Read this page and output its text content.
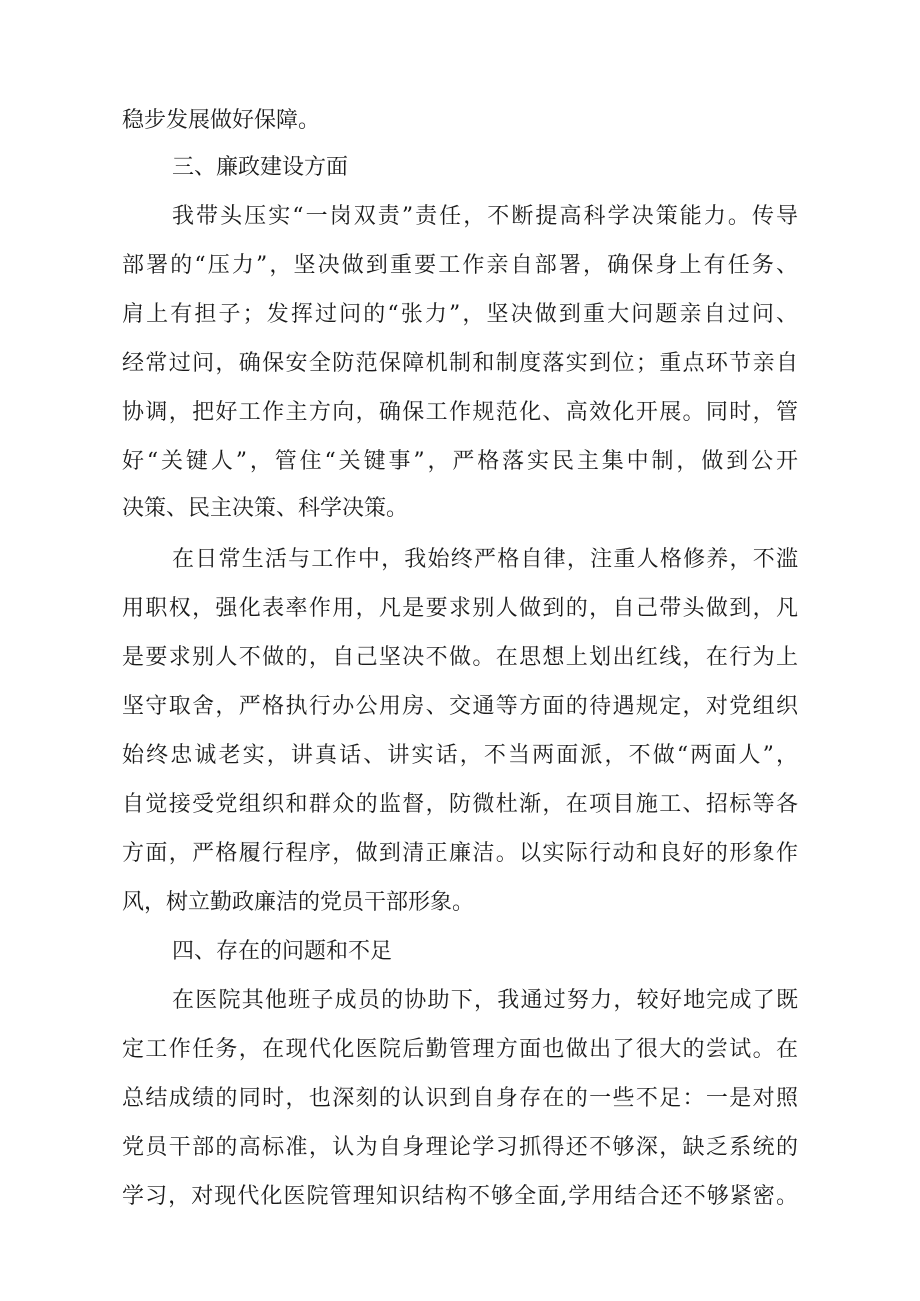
稳步发展做好保障。
三、廉政建设方面
我带头压实“一岗双责”责任，不断提高科学决策能力。传导
部署的“压力”，坚决做到重要工作亲自部署，确保身上有任务、
肩上有担子；发挥过问的“张力”，坚决做到重大问题亲自过问、
经常过问，确保安全防范保障机制和制度落实到位；重点环节亲自
协调，把好工作主方向，确保工作规范化、高效化开展。同时，管
好“关键人”，管住“关键事”，严格落实民主集中制，做到公开
决策、民主决策、科学决策。
在日常生活与工作中，我始终严格自律，注重人格修养，不滥
用职权，强化表率作用，凡是要求别人做到的，自己带头做到，凡
是要求别人不做的，自己坚决不做。在思想上划出红线，在行为上
坚守取舍，严格执行办公用房、交通等方面的待遇规定，对党组织
始终忠诚老实，讲真话、讲实话，不当两面派，不做“两面人”，
自觉接受党组织和群众的监督，防微杜渐，在项目施工、招标等各
方面，严格履行程序，做到清正廉洁。以实际行动和良好的形象作
风，树立勤政廉洁的党员干部形象。
四、存在的问题和不足
在医院其他班子成员的协助下，我通过努力，较好地完成了既
定工作任务，在现代化医院后勤管理方面也做出了很大的尝试。在
总结成绩的同时，也深刻的认识到自身存在的一些不足：一是对照
党员干部的高标准，认为自身理论学习抓得还不够深，缺乏系统的
学习，对现代化医院管理知识结构不够全面,学用结合还不够紧密。
